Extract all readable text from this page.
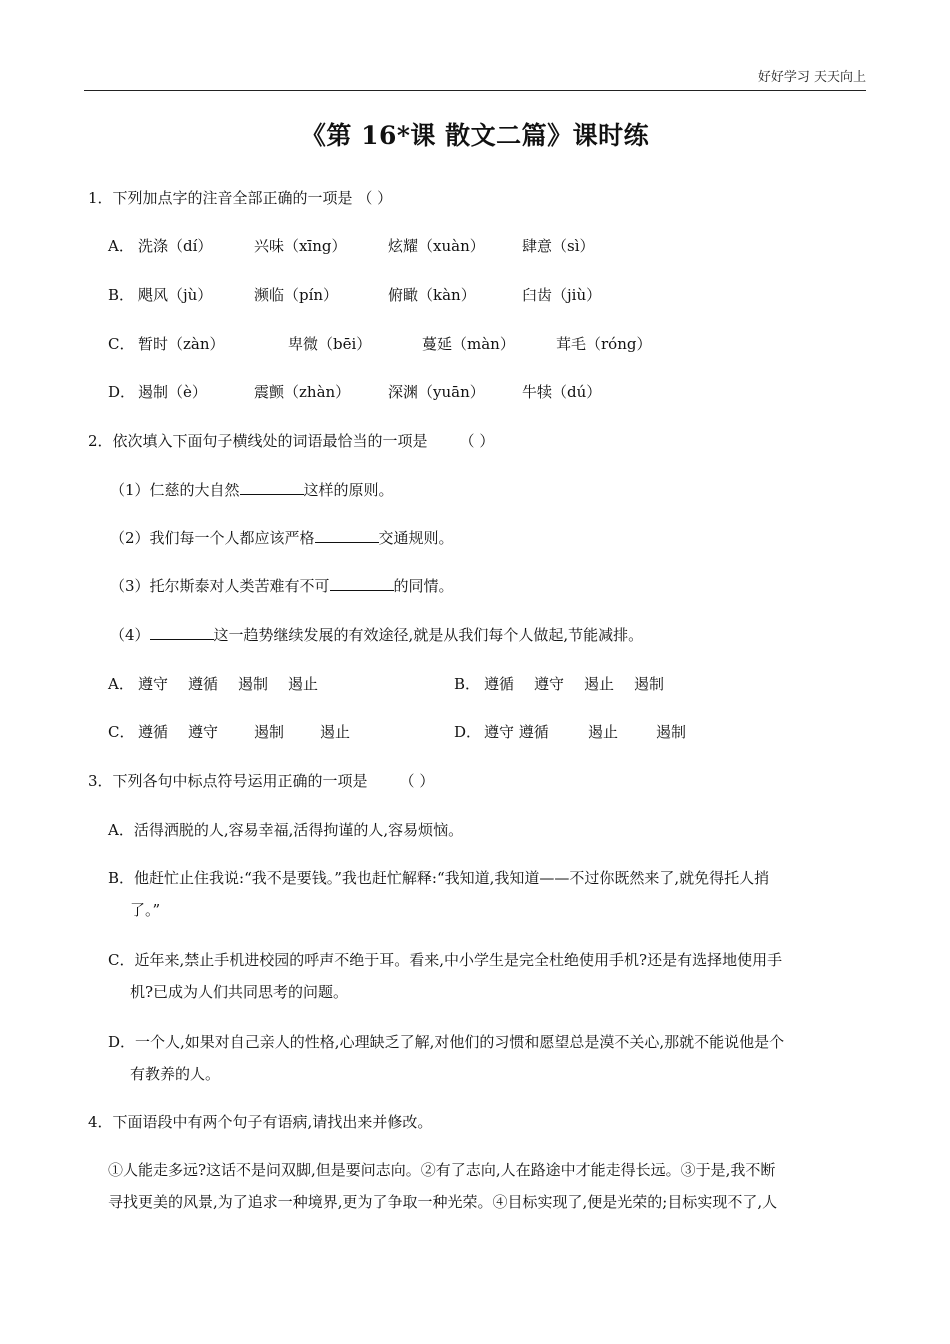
好好学习 天天向上
《第 16*课 散文二篇》课时练
1．下列加点字的注音全部正确的一项是 （ ）
A． 洗涤（dí）	兴味（xīng）	炫耀（xuàn） 肆意（sì）
B． 飓风（jù）	濒临（pín）	俯瞰（kàn）	臼齿（jiù）
C． 暂时（zàn）	卑微（bēi）	蔓延（màn）	茸毛（róng）
D． 遏制（è）	震颤（zhàn）	深渊（yuān） 牛犊（dú）
2．依次填入下面句子横线处的词语最恰当的一项是 （ ）
（1）仁慈的大自然	这样的原则。
（2）我们每一个人都应该严格	交通规则。
（3）托尔斯泰对人类苦难有不可	的同情。
（4）	这一趋势继续发展的有效途径,就是从我们每个人做起,节能减排。
A． 遵守 遵循 遏制 遏止	B． 遵循 遵守 遏止 遏制
C． 遵循 遵守 遏制 遏止	D． 遵守 遵循	遏止	遏制
3．下列各句中标点符号运用正确的一项是 （ ）
A．活得洒脱的人,容易幸福,活得拘谨的人,容易烦恼。
B．他赶忙止住我说:“我不是要钱。”我也赶忙解释:“我知道,我知道——不过你既然来了,就免得托人捎
了。”
C．近年来,禁止手机进校园的呼声不绝于耳。看来,中小学生是完全杜绝使用手机?还是有选择地使用手
机?已成为人们共同思考的问题。
D．一个人,如果对自己亲人的性格,心理缺乏了解,对他们的习惯和愿望总是漠不关心,那就不能说他是个
有教养的人。
4．下面语段中有两个句子有语病,请找出来并修改。
①人能走多远?这话不是问双脚,但是要问志向。②有了志向,人在路途中才能走得长远。③于是,我不断
寻找更美的风景,为了追求一种境界,更为了争取一种光荣。④目标实现了,便是光荣的;目标实现不了,人
